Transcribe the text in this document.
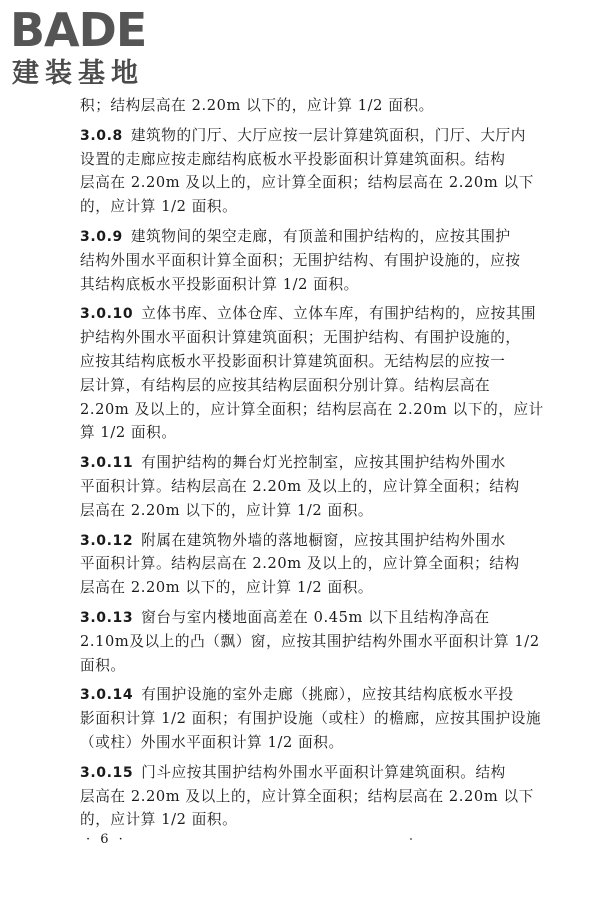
BADE
建装基地
积；结构层高在 2.20m 以下的，应计算 1/2 面积。
3.0.8 建筑物的门厅、大厅应按一层计算建筑面积，门厅、大厅内
设置的走廊应按走廊结构底板水平投影面积计算建筑面积。结构
层高在 2.20m 及以上的，应计算全面积；结构层高在 2.20m 以下
的，应计算 1/2 面积。
3.0.9 建筑物间的架空走廊，有顶盖和围护结构的，应按其围护
结构外围水平面积计算全面积；无围护结构、有围护设施的，应按
其结构底板水平投影面积计算 1/2 面积。
3.0.10 立体书库、立体仓库、立体车库，有围护结构的，应按其围
护结构外围水平面积计算建筑面积；无围护结构、有围护设施的，
应按其结构底板水平投影面积计算建筑面积。无结构层的应按一
层计算，有结构层的应按其结构层面积分别计算。结构层高在
2.20m 及以上的，应计算全面积；结构层高在 2.20m 以下的，应计
算 1/2 面积。
3.0.11 有围护结构的舞台灯光控制室，应按其围护结构外围水
平面积计算。结构层高在 2.20m 及以上的，应计算全面积；结构
层高在 2.20m 以下的，应计算 1/2 面积。
3.0.12 附属在建筑物外墙的落地橱窗，应按其围护结构外围水
平面积计算。结构层高在 2.20m 及以上的，应计算全面积；结构
层高在 2.20m 以下的，应计算 1/2 面积。
3.0.13 窗台与室内楼地面高差在 0.45m 以下且结构净高在
2.10m及以上的凸（飘）窗，应按其围护结构外围水平面积计算 1/2
面积。
3.0.14 有围护设施的室外走廊（挑廊），应按其结构底板水平投
影面积计算 1/2 面积；有围护设施（或柱）的檐廊，应按其围护设施
（或柱）外围水平面积计算 1/2 面积。
3.0.15 门斗应按其围护结构外围水平面积计算建筑面积。结构
层高在 2.20m 及以上的，应计算全面积；结构层高在 2.20m 以下
的，应计算 1/2 面积。
· 6 ·
